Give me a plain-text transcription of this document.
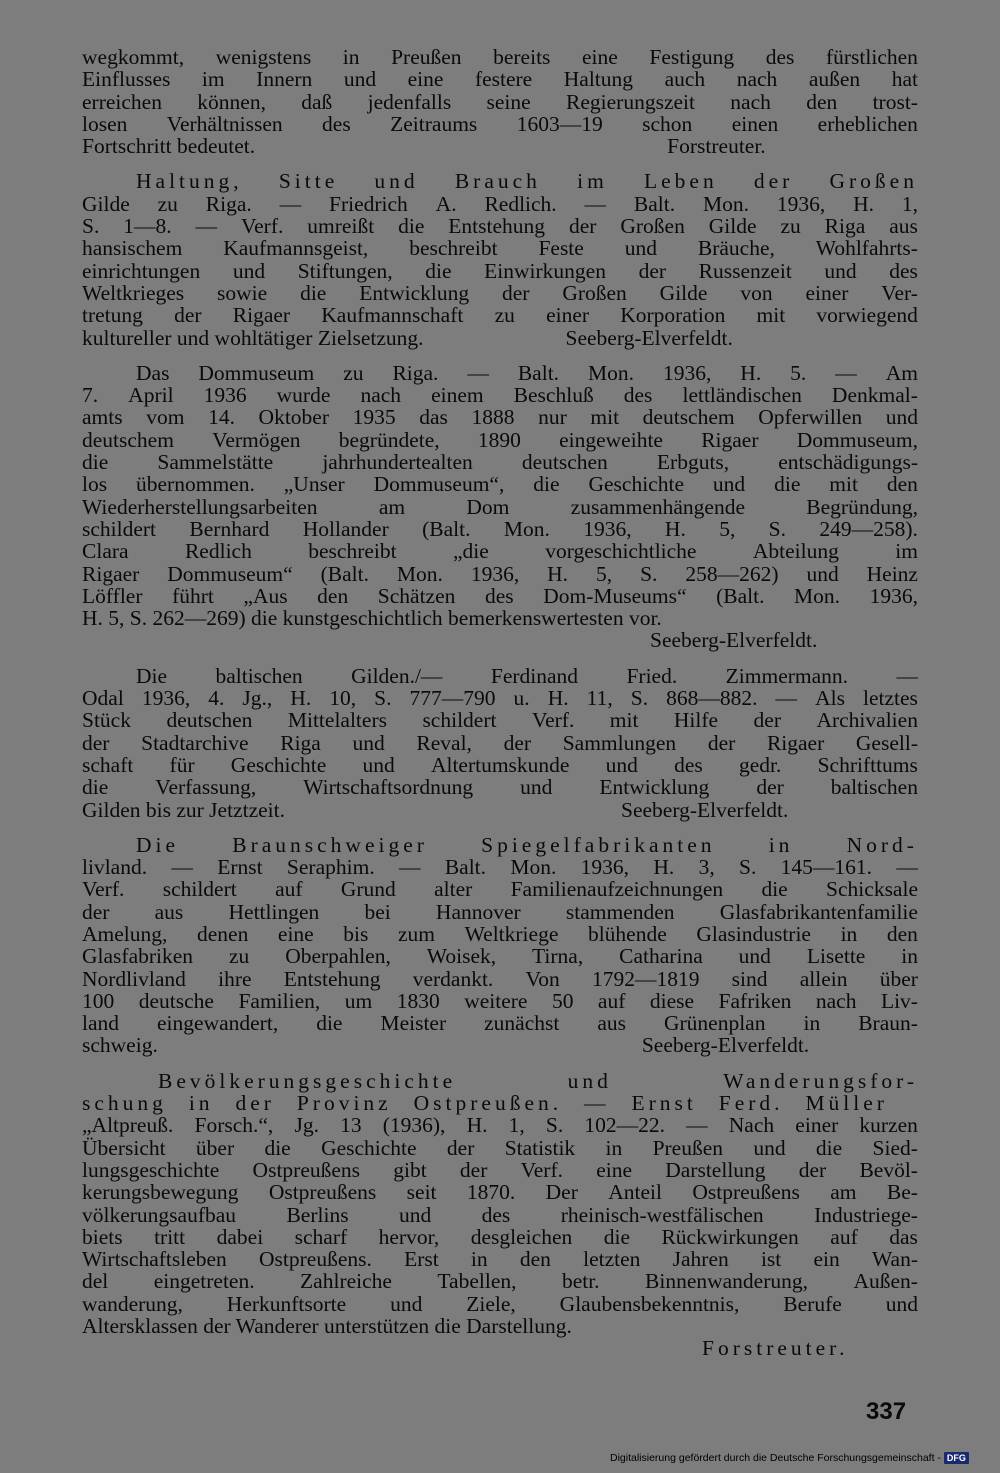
wegkommt, wenigstens in Preußen bereits eine Festigung des fürstlichen
Einflusses im Innern und eine festere Haltung auch nach außen hat
erreichen können, daß jedenfalls seine Regierungszeit nach den trost-
losen Verhältnissen des Zeitraums 1603—19 schon einen erheblichen
Fortschritt bedeutet.	Forstreuter.
Haltung, Sitte und Brauch im Leben der Großen
Gilde zu Riga. — Friedrich A. Redlich. — Balt. Mon. 1936, H. 1,
S. 1—8. — Verf. umreißt die Entstehung der Großen Gilde zu Riga aus
hansischem Kaufmannsgeist, beschreibt Feste und Bräuche, Wohlfahrts-
einrichtungen und Stiftungen, die Einwirkungen der Russenzeit und des
Weltkrieges sowie die Entwicklung der Großen Gilde von einer Ver-
tretung der Rigaer Kaufmannschaft zu einer Korporation mit vorwiegend
kultureller und wohltätiger Zielsetzung.	Seeberg-Elverfeldt.
Das Dommuseum zu Riga. — Balt. Mon. 1936, H. 5. — Am
7. April 1936 wurde nach einem Beschluß des lettländischen Denkmal-
amts vom 14. Oktober 1935 das 1888 nur mit deutschem Opferwillen und
deutschem Vermögen begründete, 1890 eingeweihte Rigaer Dommuseum,
die Sammelstätte jahrhundertealten deutschen Erbguts, entschädigungs-
los übernommen. „Unser Dommuseum“, die Geschichte und die mit den
Wiederherstellungsarbeiten	am	Dom	zusammenhängende	Begründung,
schildert Bernhard Hollander (Balt. Mon. 1936, H. 5, S. 249—258).
Clara	Redlich	beschreibt	„die	vorgeschichtliche	Abteilung	im
Rigaer Dommuseum“ (Balt. Mon. 1936, H. 5, S. 258—262) und Heinz
Löffler führt „Aus den Schätzen des Dom-Museums“ (Balt. Mon. 1936,
H. 5, S. 262—269) die kunstgeschichtlich bemerkenswertesten vor.
Seeberg-Elverfeldt.
Die baltischen Gilden./— Ferdinand Fried. Zimmermann. —
Odal 1936, 4. Jg., H. 10, S. 777—790 u. H. 11, S. 868—882. — Als letztes
Stück deutschen Mittelalters schildert Verf. mit Hilfe der Archivalien
der Stadtarchive Riga und Reval, der Sammlungen der Rigaer Gesell-
schaft für Geschichte und Altertumskunde und des gedr. Schrifttums
die Verfassung, Wirtschaftsordnung und Entwicklung der baltischen
Gilden bis zur Jetztzeit.	Seeberg-Elverfeldt.
Die Braunschweiger Spiegelfabrikanten in Nord-
livland. — Ernst Seraphim. — Balt. Mon. 1936, H. 3, S. 145—161. —
Verf. schildert auf Grund alter Familienaufzeichnungen die Schicksale
der aus Hettlingen bei Hannover stammenden Glasfabrikantenfamilie
Amelung, denen eine bis zum Weltkriege blühende Glasindustrie in den
Glasfabriken zu Oberpahlen, Woisek, Tirna, Catharina und Lisette in
Nordlivland ihre Entstehung verdankt. Von 1792—1819 sind allein über
100 deutsche Familien, um 1830 weitere 50 auf diese Fafriken nach Liv-
land eingewandert, die Meister zunächst aus Grünenplan in Braun-
schweig.	Seeberg-Elverfeldt.
Bevölkerungsgeschichte	und	Wanderungsfor-
schung in der Provinz Ostpreußen. — Ernst Ferd. Müller
„Altpreuß. Forsch.“, Jg. 13 (1936), H. 1, S. 102—22. — Nach einer kurzen
Übersicht über die Geschichte der Statistik in Preußen und die Sied-
lungsgeschichte Ostpreußens gibt der Verf. eine Darstellung der Bevöl-
kerungsbewegung Ostpreußens seit 1870. Der Anteil Ostpreußens am Be-
völkerungsaufbau Berlins und des rheinisch-westfälischen Industriege-
biets tritt dabei scharf hervor, desgleichen die Rückwirkungen auf das
Wirtschaftsleben Ostpreußens. Erst in den letzten Jahren ist ein Wan-
del eingetreten. Zahlreiche Tabellen, betr. Binnenwanderung, Außen-
wanderung, Herkunftsorte und Ziele, Glaubensbekenntnis, Berufe und
Altersklassen der Wanderer unterstützen die Darstellung.
Forstreuter.
337
Digitalisierung gefördert durch die Deutsche Forschungsgemeinschaft - DFG
